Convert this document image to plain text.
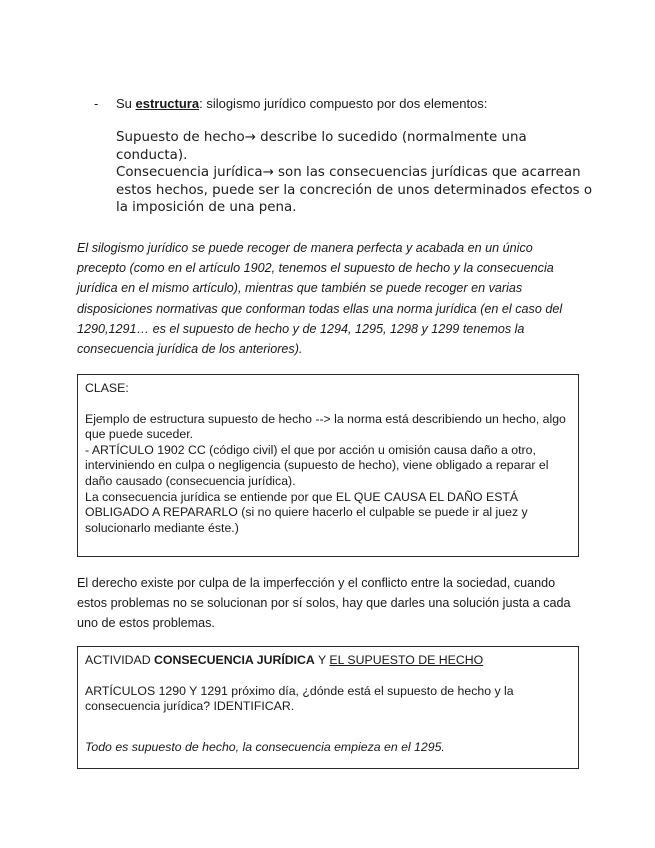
- Su estructura: silogismo jurídico compuesto por dos elementos:

Supuesto de hecho→ describe lo sucedido (normalmente una conducta).

Consecuencia jurídica→ son las consecuencias jurídicas que acarrean estos hechos, puede ser la concreción de unos determinados efectos o la imposición de una pena.

El silogismo jurídico se puede recoger de manera perfecta y acabada en un único precepto (como en el artículo 1902, tenemos el supuesto de hecho y la consecuencia jurídica en el mismo artículo), mientras que también se puede recoger en varias disposiciones normativas que conforman todas ellas una norma jurídica (en el caso del 1290,1291… es el supuesto de hecho y de 1294, 1295, 1298 y 1299 tenemos la consecuencia jurídica de los anteriores).

CLASE:

Ejemplo de estructura supuesto de hecho --> la norma está describiendo un hecho, algo que puede suceder.

- ARTÍCULO 1902 CC (código civil) el que por acción u omisión causa daño a otro, interviniendo en culpa o negligencia (supuesto de hecho), viene obligado a reparar el daño causado (consecuencia jurídica).

La consecuencia jurídica se entiende por que EL QUE CAUSA EL DAÑO ESTÁ OBLIGADO A REPARARLO (si no quiere hacerlo el culpable se puede ir al juez y solucionarlo mediante éste.)

El derecho existe por culpa de la imperfección y el conflicto entre la sociedad, cuando estos problemas no se solucionan por sí solos, hay que darles una solución justa a cada uno de estos problemas.

ACTIVIDAD CONSECUENCIA JURÍDICA Y EL SUPUESTO DE HECHO

ARTÍCULOS 1290 Y 1291 próximo día, ¿dónde está el supuesto de hecho y la consecuencia jurídica? IDENTIFICAR.

Todo es supuesto de hecho, la consecuencia empieza en el 1295.
